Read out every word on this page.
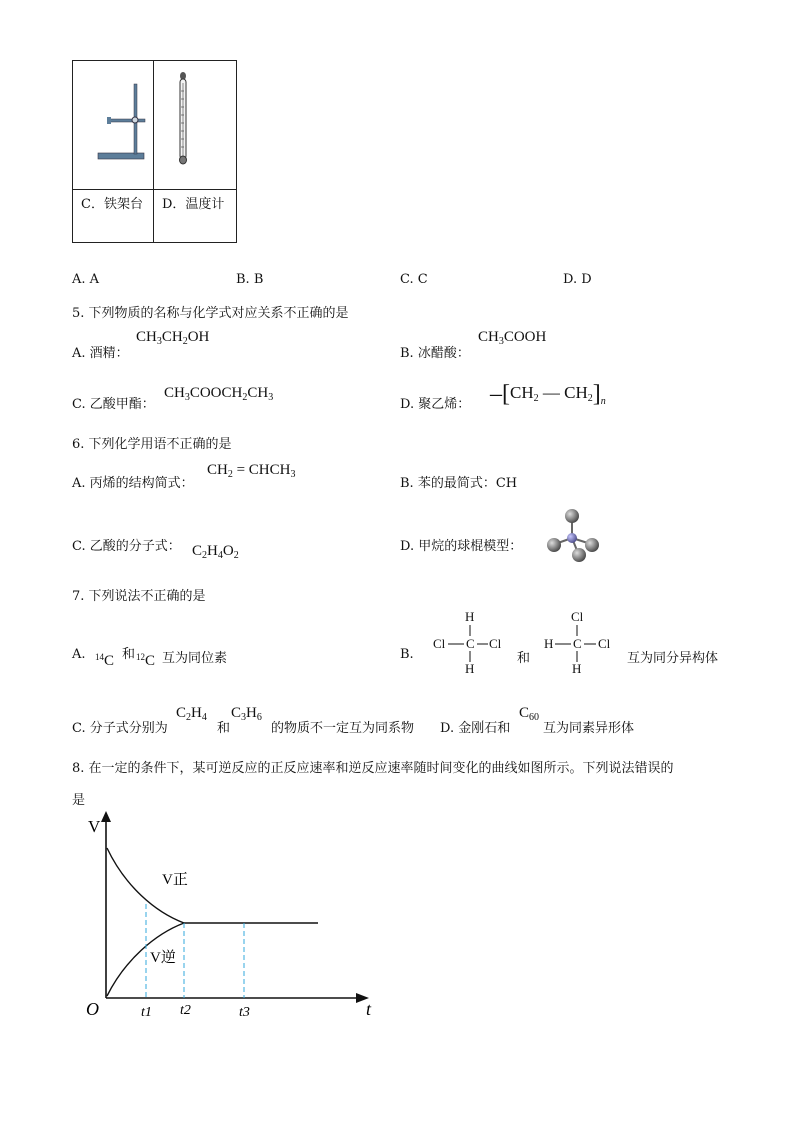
C．铁架台	D．温度计
A. A	B. B	C. C	D. D
5. 下列物质的名称与化学式对应关系不正确的是
A. 酒精：
$CH_3CH_2OH$
B. 冰醋酸：
$CH_3COOH$
C. 乙酸甲酯：
$CH_3COOCH_2CH_3$	D. 聚乙烯： $‒[CH_2$ — $CH_2]_n$
6. 下列化学用语不正确的是
A. 丙烯的结构简式：
$CH_2$ = $CHCH_3$
B. 苯的最简式：CH
C. 乙酸的分子式： $C_2H_4O_2$
D. 甲烷的球棍模型：
7. 下列说法不正确的是
A. $^{14}$C 和 $^{12}$C 互为同位素	B.
H
Cl C Cl
H
和
Cl
H C Cl
H
互为同分异构体
C. 分子式分别为
$C_2H_4$
和
$C_3H_6$
的物质不一定互为同系物 D. 金刚石和
$C_{60}$
互为同素异形体
8. 在一定的条件下，某可逆反应的正反应速率和逆反应速率随时间变化的曲线如图所示。下列说法错误的
是
V
O	t
V正
V逆
t1 t2	t3
